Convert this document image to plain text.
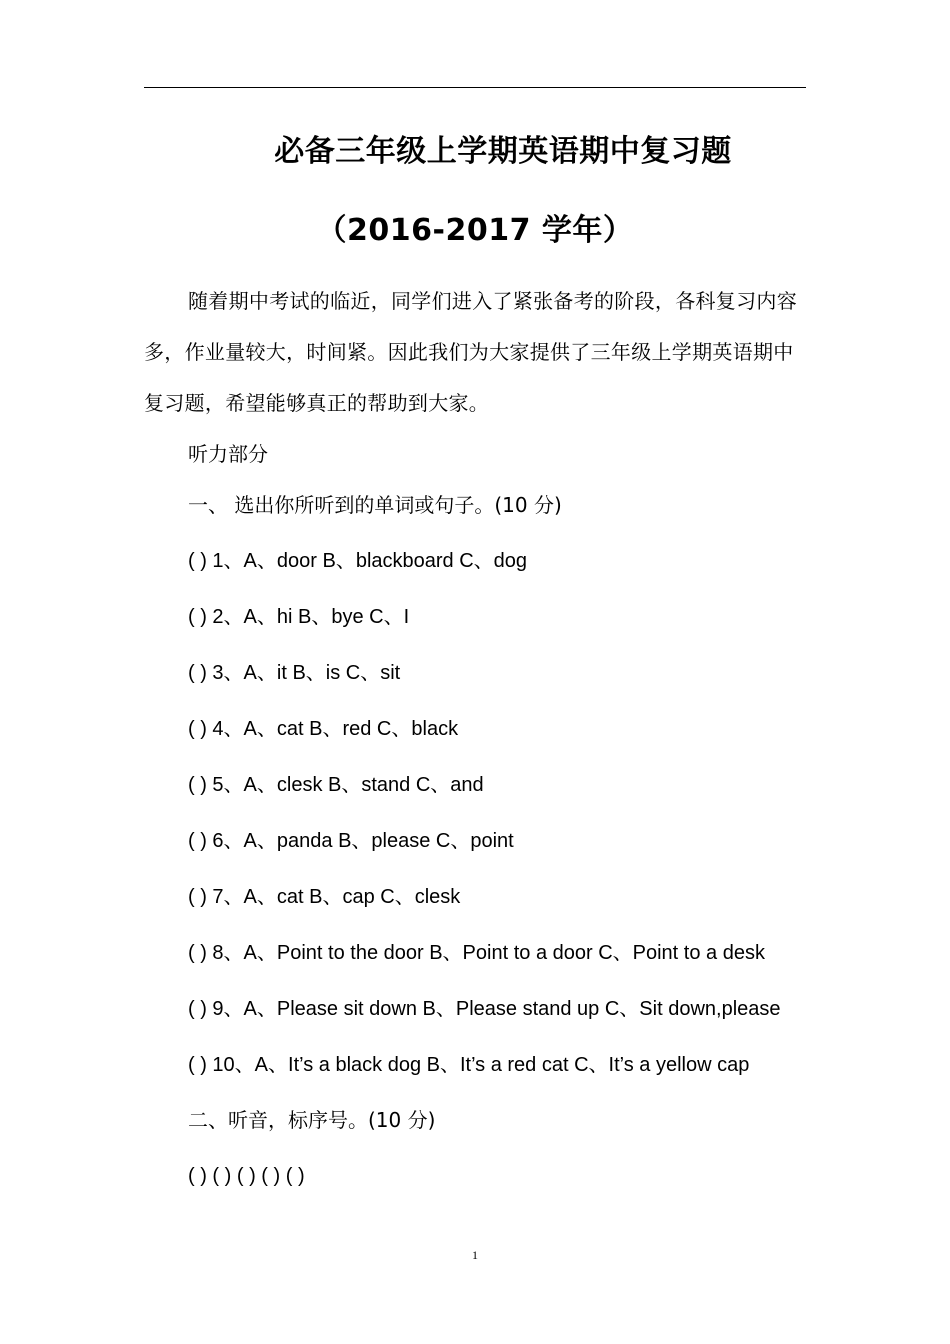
必备三年级上学期英语期中复习题
（2016-2017 学年）
随着期中考试的临近，同学们进入了紧张备考的阶段，各科复习内容多，作业量较大，时间紧。因此我们为大家提供了三年级上学期英语期中复习题，希望能够真正的帮助到大家。
听力部分
一、 选出你所听到的单词或句子。(10 分)
( ) 1、A、door B、blackboard C、dog
( ) 2、A、hi B、bye C、I
( ) 3、A、it B、is C、sit
( ) 4、A、cat B、red C、black
( ) 5、A、clesk B、stand C、and
( ) 6、A、panda B、please C、point
( ) 7、A、cat B、cap C、clesk
( ) 8、A、Point to the door B、Point to a door C、Point to a desk
( ) 9、A、Please sit down B、Please stand up C、Sit down,please
( ) 10、A、It’s a black dog B、It’s a red cat C、It’s a yellow cap
二、听音，标序号。(10 分)
( ) ( ) ( ) ( ) ( )
1
